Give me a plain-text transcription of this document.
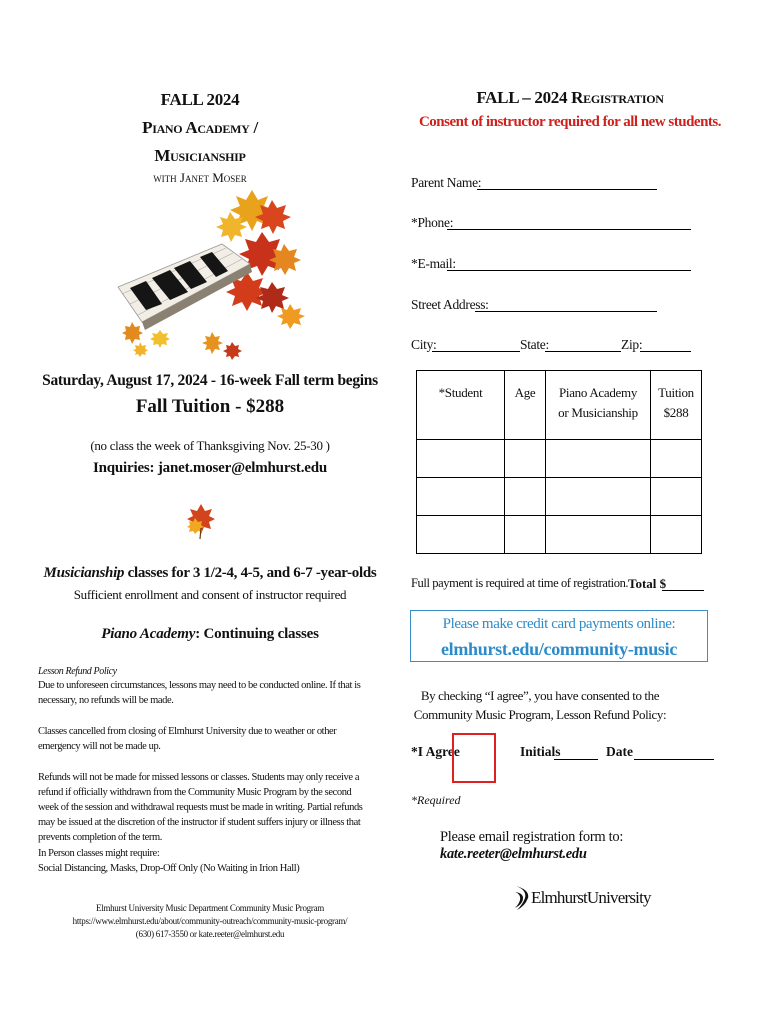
FALL 2024
Piano Academy /
Musicianship
with Janet Moser
Saturday, August 17, 2024 - 16-week Fall term begins
Fall Tuition - $288
(no class the week of Thanksgiving Nov. 25-30 )
Inquiries: janet.moser@elmhurst.edu
Musicianship classes for 3 1/2-4, 4-5, and 6-7 -year-olds
Sufficient enrollment and consent of instructor required
Piano Academy: Continuing classes
Lesson Refund Policy
Due to unforeseen circumstances, lessons may need to be conducted online. If that is necessary, no refunds will be made.
Classes cancelled from closing of Elmhurst University due to weather or other emergency will not be made up.
Refunds will not be made for missed lessons or classes. Students may only receive a refund if officially withdrawn from the Community Music Program by the second week of the session and withdrawal requests must be made in writing. Partial refunds may be issued at the discretion of the instructor if student suffers injury or illness that prevents completion of the term.
In Person classes might require:
Social Distancing, Masks, Drop-Off Only (No Waiting in Irion Hall)
Elmhurst University Music Department Community Music Program
https://www.elmhurst.edu/about/community-outreach/community-music-program/
(630) 617-3550 or kate.reeter@elmhurst.edu
FALL – 2024 Registration
Consent of instructor required for all new students.
Parent Name:
*Phone:
*E-mail:
Street Address:
City:	State:	Zip:
*Student	Age	Piano Academy or Musicianship	Tuition $288

Full payment is required at time of registration. Total $
Please make credit card payments online:
elmhurst.edu/community-music
By checking “I agree”, you have consented to the Community Music Program, Lesson Refund Policy:
*I Agree	Initials	Date
*Required
Please email registration form to: kate.reeter@elmhurst.edu
ElmhurstUniversity
